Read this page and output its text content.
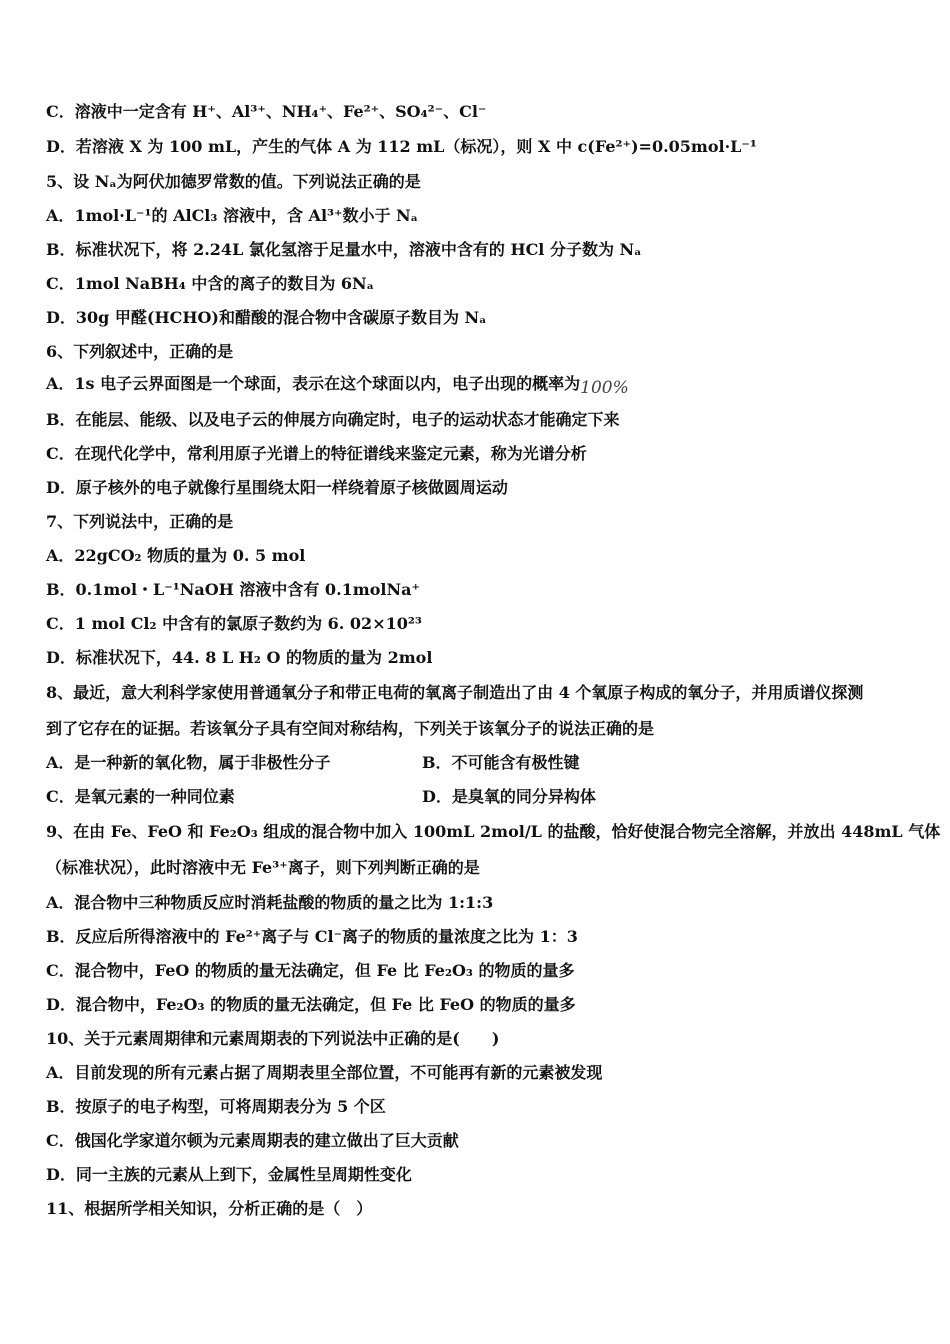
C．溶液中一定含有 H⁺、Al³⁺、NH₄⁺、Fe²⁺、SO₄²⁻、Cl⁻
D．若溶液 X 为 100 mL，产生的气体 A 为 112 mL（标况），则 X 中 c(Fe²⁺)=0.05mol·L⁻¹
5、设 Nₐ为阿伏加德罗常数的值。下列说法正确的是
A．1mol·L⁻¹的 AlCl₃ 溶液中，含 Al³⁺数小于 Nₐ
B．标准状况下，将 2.24L 氯化氢溶于足量水中，溶液中含有的 HCl 分子数为 Nₐ
C．1mol NaBH₄ 中含的离子的数目为 6Nₐ
D．30g 甲醛(HCHO)和醋酸的混合物中含碳原子数目为 Nₐ
6、下列叙述中，正确的是
A．1s 电子云界面图是一个球面，表示在这个球面以内，电子出现的概率为100%
B．在能层、能级、以及电子云的伸展方向确定时，电子的运动状态才能确定下来
C．在现代化学中，常利用原子光谱上的特征谱线来鉴定元素，称为光谱分析
D．原子核外的电子就像行星围绕太阳一样绕着原子核做圆周运动
7、下列说法中，正确的是
A．22gCO₂ 物质的量为 0. 5 mol
B．0.1mol・L⁻¹NaOH 溶液中含有 0.1molNa⁺
C．1 mol Cl₂ 中含有的氯原子数约为 6. 02×10²³
D．标准状况下，44. 8 L H₂ O 的物质的量为 2mol
8、最近，意大利科学家使用普通氧分子和带正电荷的氧离子制造出了由 4 个氧原子构成的氧分子，并用质谱仪探测
到了它存在的证据。若该氧分子具有空间对称结构，下列关于该氧分子的说法正确的是
A．是一种新的氧化物，属于非极性分子	B．不可能含有极性键
C．是氧元素的一种同位素	D．是臭氧的同分异构体
9、在由 Fe、FeO 和 Fe₂O₃ 组成的混合物中加入 100mL 2mol/L 的盐酸，恰好使混合物完全溶解，并放出 448mL 气体
（标准状况），此时溶液中无 Fe³⁺离子，则下列判断正确的是
A．混合物中三种物质反应时消耗盐酸的物质的量之比为 1:1:3
B．反应后所得溶液中的 Fe²⁺离子与 Cl⁻离子的物质的量浓度之比为 1：3
C．混合物中，FeO 的物质的量无法确定，但 Fe 比 Fe₂O₃ 的物质的量多
D．混合物中，Fe₂O₃ 的物质的量无法确定，但 Fe 比 FeO 的物质的量多
10、关于元素周期律和元素周期表的下列说法中正确的是(　　)
A．目前发现的所有元素占据了周期表里全部位置，不可能再有新的元素被发现
B．按原子的电子构型，可将周期表分为 5 个区
C．俄国化学家道尔顿为元素周期表的建立做出了巨大贡献
D．同一主族的元素从上到下，金属性呈周期性变化
11、根据所学相关知识，分析正确的是（　）
